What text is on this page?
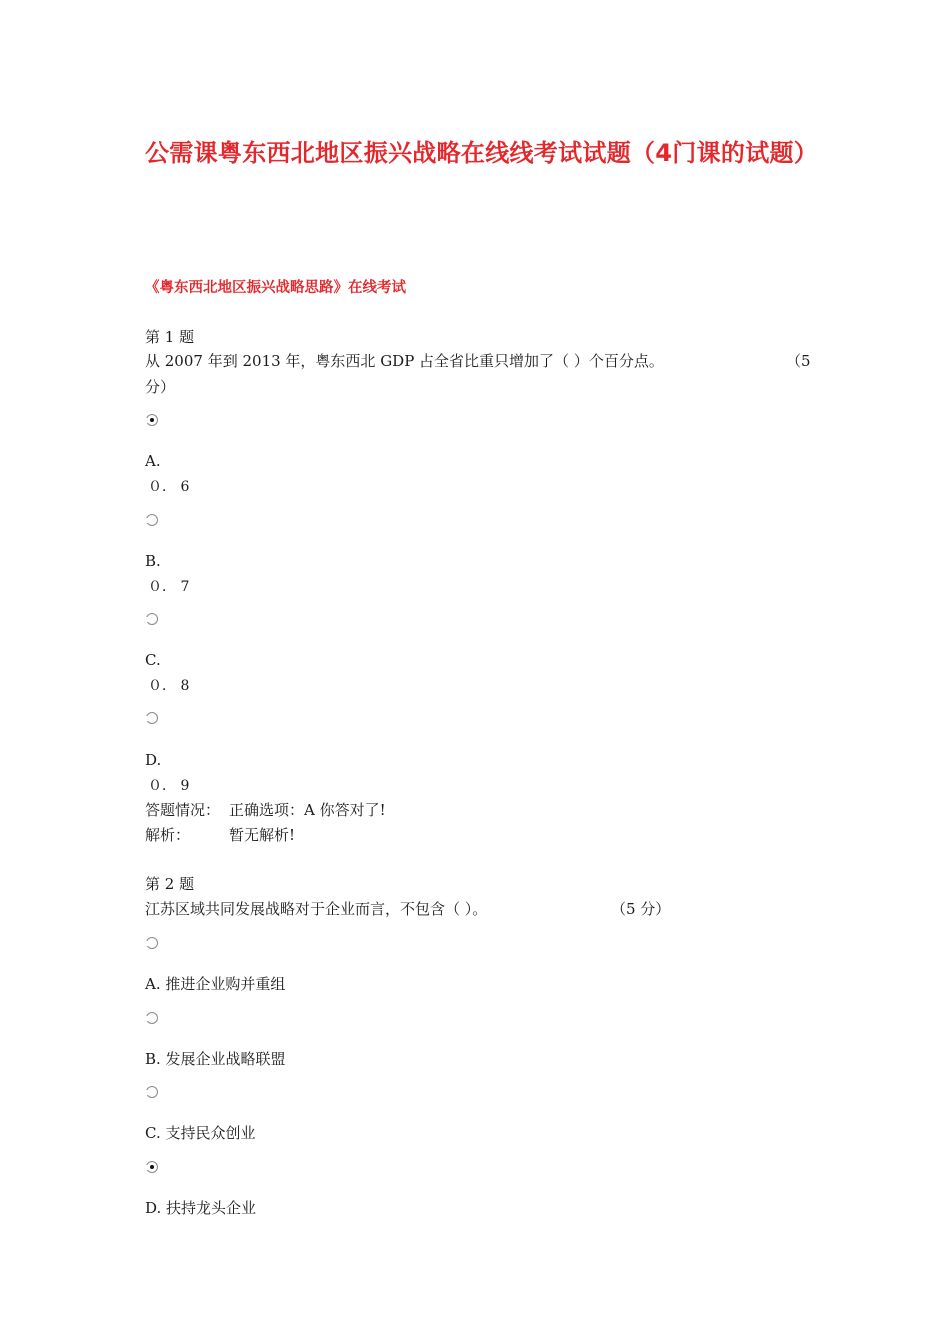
公需课粤东西北地区振兴战略在线线考试试题（4门课的试题）
《粤东西北地区振兴战略思路》在线考试
第 1 题
从 2007 年到 2013 年，粤东西北 GDP 占全省比重只增加了（ ）个百分点。	（5
分）
A.
０． 6
B.
０． 7
C.
０． 8
D.
０． 9
答题情况： 正确选项：A 你答对了!
解析：	暂无解析!
第 2 题
江苏区域共同发展战略对于企业而言，不包含（ ）。	（5 分）
A. 推进企业购并重组
B. 发展企业战略联盟
C. 支持民众创业
D. 扶持龙头企业
